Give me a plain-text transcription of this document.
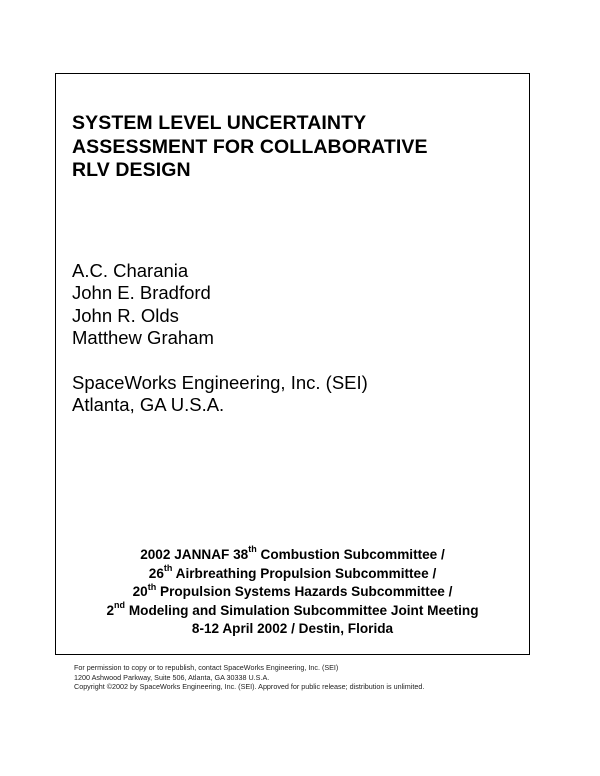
SYSTEM LEVEL UNCERTAINTY
ASSESSMENT FOR COLLABORATIVE
RLV DESIGN
A.C. Charania
John E. Bradford
John R. Olds
Matthew Graham
SpaceWorks Engineering, Inc. (SEI)
Atlanta, GA U.S.A.
2002 JANNAF 38th Combustion Subcommittee /
26th Airbreathing Propulsion Subcommittee /
20th Propulsion Systems Hazards Subcommittee /
2nd Modeling and Simulation Subcommittee Joint Meeting
8-12 April 2002 / Destin, Florida
For permission to copy or to republish, contact SpaceWorks Engineering, Inc. (SEI)
1200 Ashwood Parkway, Suite 506, Atlanta, GA 30338 U.S.A.
Copyright ©2002 by SpaceWorks Engineering, Inc. (SEI). Approved for public release; distribution is unlimited.
